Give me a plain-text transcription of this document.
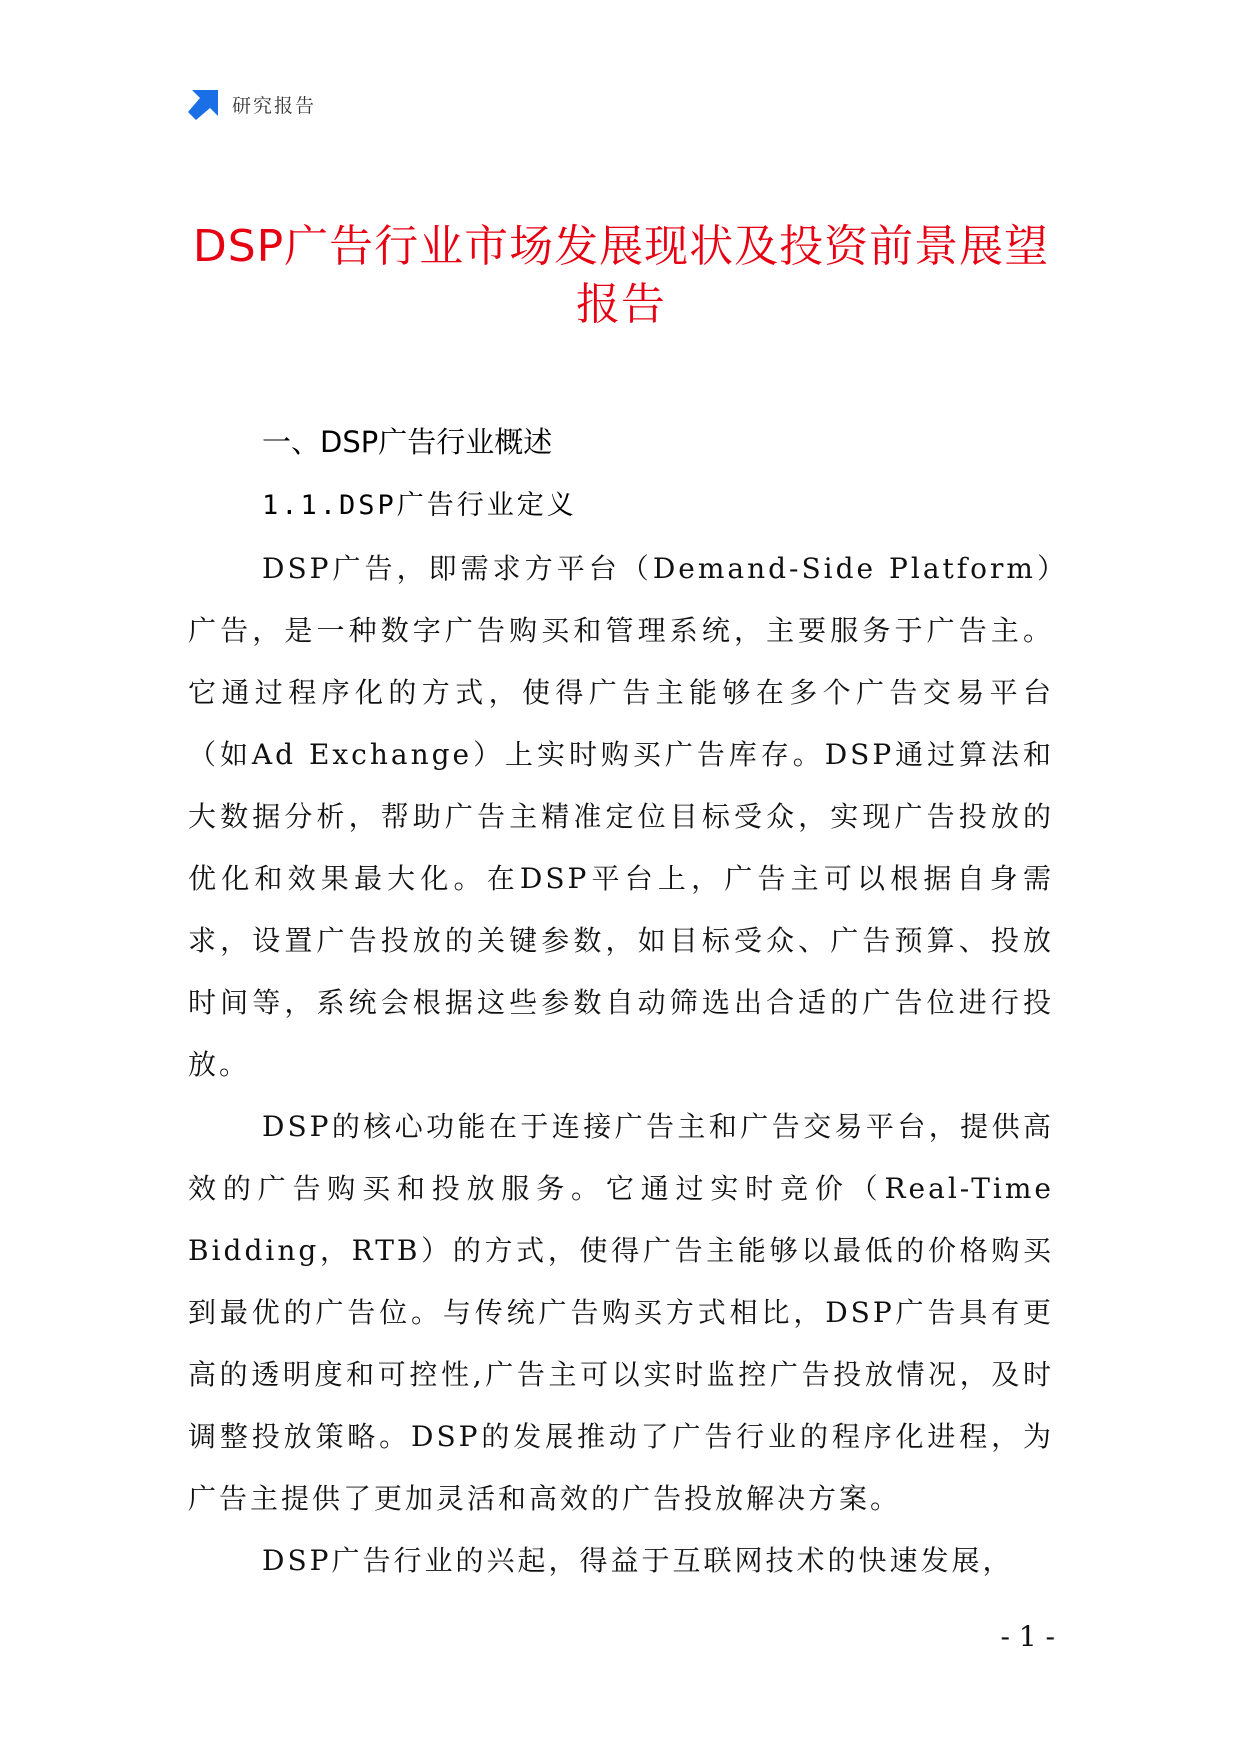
研究报告
DSP广告行业市场发展现状及投资前景展望报告
一、DSP广告行业概述
1.1.DSP广告行业定义

DSP广告，即需求方平台（Demand-Side Platform）广告，是一种数字广告购买和管理系统，主要服务于广告主。它通过程序化的方式，使得广告主能够在多个广告交易平台（如Ad Exchange）上实时购买广告库存。DSP通过算法和大数据分析，帮助广告主精准定位目标受众，实现广告投放的优化和效果最大化。在DSP平台上，广告主可以根据自身需求，设置广告投放的关键参数，如目标受众、广告预算、投放时间等，系统会根据这些参数自动筛选出合适的广告位进行投放。

DSP的核心功能在于连接广告主和广告交易平台，提供高效的广告购买和投放服务。它通过实时竞价（Real-Time Bidding，RTB）的方式，使得广告主能够以最低的价格购买到最优的广告位。与传统广告购买方式相比，DSP广告具有更高的透明度和可控性,广告主可以实时监控广告投放情况，及时调整投放策略。DSP的发展推动了广告行业的程序化进程，为广告主提供了更加灵活和高效的广告投放解决方案。

DSP广告行业的兴起，得益于互联网技术的快速发展，

- 1 -
